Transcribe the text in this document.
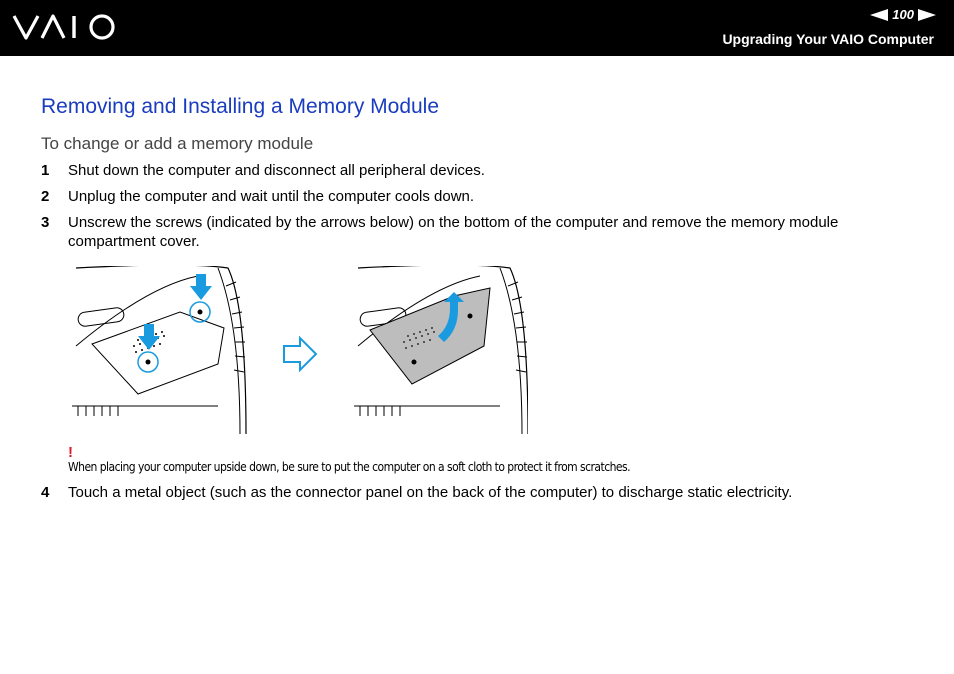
100
Upgrading Your VAIO Computer
Removing and Installing a Memory Module
To change or add a memory module
1 Shut down the computer and disconnect all peripheral devices.
2 Unplug the computer and wait until the computer cools down.
3 Unscrew the screws (indicated by the arrows below) on the bottom of the computer and remove the memory module compartment cover.
!
When placing your computer upside down, be sure to put the computer on a soft cloth to protect it from scratches.
4 Touch a metal object (such as the connector panel on the back of the computer) to discharge static electricity.
